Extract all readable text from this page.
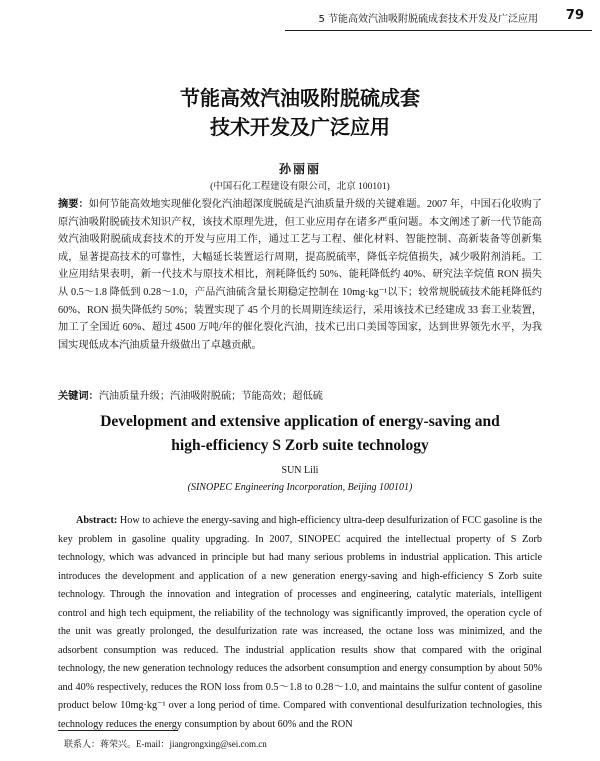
5 节能高效汽油吸附脱硫成套技术开发及广泛应用 79
节能高效汽油吸附脱硫成套
技术开发及广泛应用
孙丽丽
(中国石化工程建设有限公司，北京 100101)
摘要：如何节能高效地实现催化裂化汽油超深度脱硫是汽油质量升级的关键难题。2007 年，中国石化收购了原汽油吸附脱硫技术知识产权，该技术原理先进，但工业应用存在诸多严重问题。本文阐述了新一代节能高效汽油吸附脱硫成套技术的开发与应用工作，通过工艺与工程、催化材料、智能控制、高新装备等创新集成，显著提高技术的可靠性，大幅延长装置运行周期，提高脱硫率，降低辛烷值损失，减少吸附剂消耗。工业应用结果表明，新一代技术与原技术相比，剂耗降低约 50%、能耗降低约 40%、研究法辛烷值 RON 损失从 0.5～1.8 降低到 0.28～1.0，产品汽油硫含量长期稳定控制在 10mg·kg⁻¹以下；较常规脱硫技术能耗降低约 60%、RON 损失降低约 50%；装置实现了 45 个月的长周期连续运行，采用该技术已经建成 33 套工业装置，加工了全国近 60%、超过 4500 万吨/年的催化裂化汽油，技术已出口美国等国家，达到世界领先水平，为我国实现低成本汽油质量升级做出了卓越贡献。
关键词：汽油质量升级；汽油吸附脱硫；节能高效；超低硫
Development and extensive application of energy-saving and
high-efficiency S Zorb suite technology
SUN Lili
(SINOPEC Engineering Incorporation, Beijing 100101)
Abstract: How to achieve the energy-saving and high-efficiency ultra-deep desulfurization of FCC gasoline is the key problem in gasoline quality upgrading. In 2007, SINOPEC acquired the intellectual property of S Zorb technology, which was advanced in principle but had many serious problems in industrial application. This article introduces the development and application of a new generation energy-saving and high-efficiency S Zorb suite technology. Through the innovation and integration of processes and engineering, catalytic materials, intelligent control and high tech equipment, the reliability of the technology was significantly improved, the operation cycle of the unit was greatly prolonged, the desulfurization rate was increased, the octane loss was minimized, and the adsorbent consumption was reduced. The industrial application results show that compared with the original technology, the new generation technology reduces the adsorbent consumption and energy consumption by about 50% and 40% respectively, reduces the RON loss from 0.5～1.8 to 0.28～1.0, and maintains the sulfur content of gasoline product below 10mg·kg⁻¹ over a long period of time. Compared with conventional desulfurization technologies, this technology reduces the energy consumption by about 60% and the RON
联系人：蒋荣兴。E-mail：jiangrongxing@sei.com.cn
